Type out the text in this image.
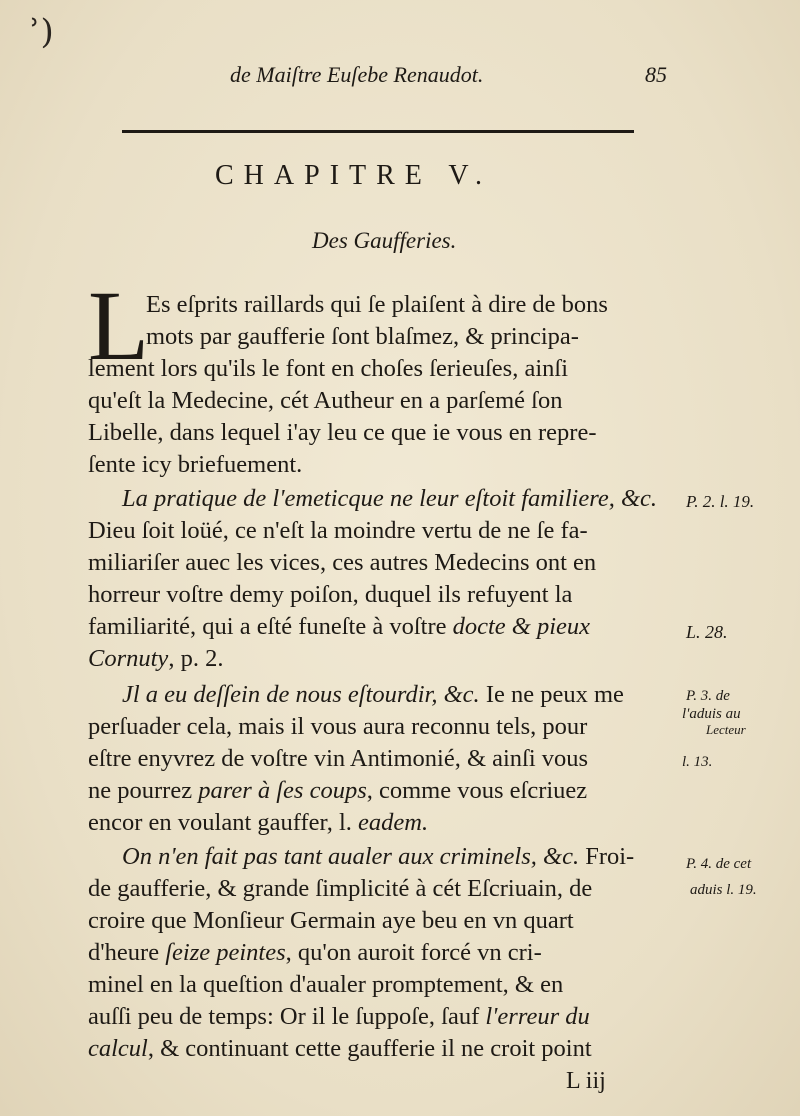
ʾ)
de Maiſtre Euſebe Renaudot.	85
CHAPITRE V.
Des Gaufferies.
L
Es eſprits raillards qui ſe plaiſent à dire de bons
mots par gaufferie ſont blaſmez, & principa-
lement lors qu'ils le font en choſes ſerieuſes, ainſi
qu'eſt la Medecine, cét Autheur en a parſemé ſon
Libelle, dans lequel i'ay leu ce que ie vous en repre-
ſente icy briefuement.
La pratique de l'emeticque ne leur eſtoit familiere, &c.
Dieu ſoit loüé, ce n'eſt la moindre vertu de ne ſe fa-
miliariſer auec les vices, ces autres Medecins ont en
horreur voſtre demy poiſon, duquel ils refuyent la
familiarité, qui a eſté funeſte à voſtre docte & pieux
Cornuty, p. 2.
Jl a eu deſſein de nous eſtourdir, &c. Ie ne peux me
perſuader cela, mais il vous aura reconnu tels, pour
eſtre enyvrez de voſtre vin Antimonié, & ainſi vous
ne pourrez parer à ſes coups, comme vous eſcriuez
encor en voulant gauffer, l. eadem.
On n'en fait pas tant aualer aux criminels, &c. Froi-
de gaufferie, & grande ſimplicité à cét Eſcriuain, de
croire que Monſieur Germain aye beu en vn quart
d'heure ſeize peintes, qu'on auroit forcé vn cri-
minel en la queſtion d'aualer promptement, & en
auſſi peu de temps: Or il le ſuppoſe, ſauf l'erreur du
calcul, & continuant cette gaufferie il ne croit point
P. 2. l. 19.
L. 28.
P. 3. de
l'aduis au
Lecteur
l. 13.
P. 4. de cet
aduis l. 19.
L iij
